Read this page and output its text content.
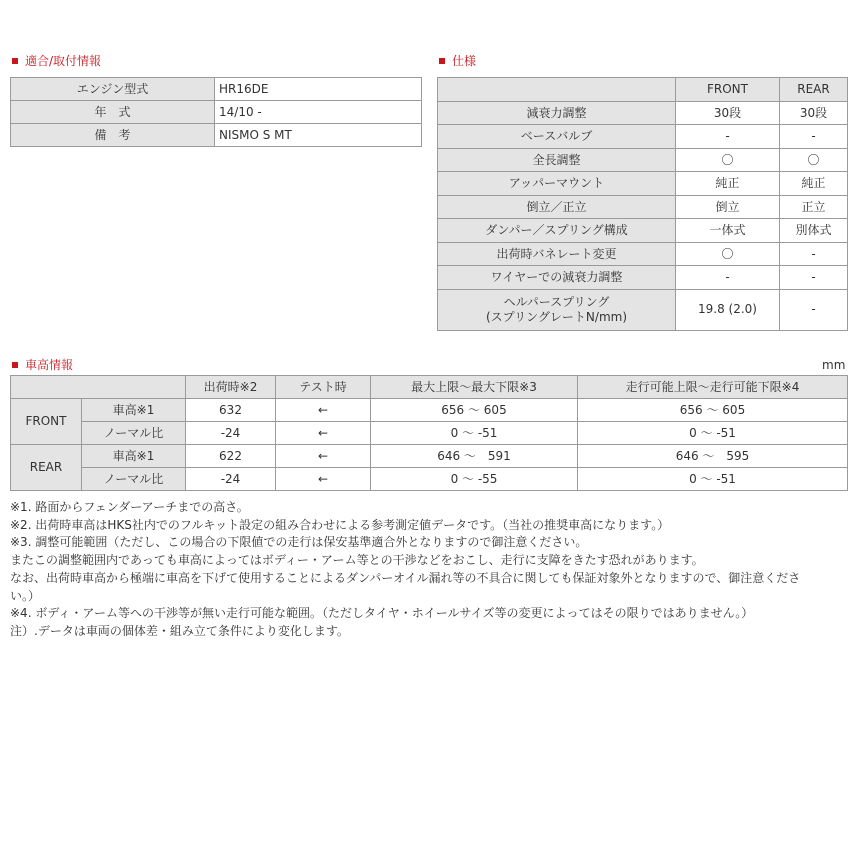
適合/取付情報
エンジン型式	HR16DE
年　式	14/10 -
備　考	NISMO S MT
仕様
	FRONT	REAR
減衰力調整	30段	30段
ベースバルブ	-	-
全長調整	〇	〇
アッパーマウント	純正	純正
倒立／正立	倒立	正立
ダンパー／スプリング構成	一体式	別体式
出荷時バネレート変更	〇	-
ワイヤーでの減衰力調整	-	-

ヘルパースプリング
(スプリングレートN/mm)	19.8 (2.0)	-
車高情報	mm
		出荷時※2	テスト時	最大上限～最大下限※3	走行可能上限～走行可能下限※4
FRONT	車高※1	632	←	656 ～ 605	656 ～ 605
	ノーマル比	-24	←	0 ～ -51	0 ～ -51
REAR	車高※1	622	←	646 ～　591	646 ～　595
	ノーマル比	-24	←	0 ～ -55	0 ～ -51
※1. 路面からフェンダーアーチまでの高さ。
※2. 出荷時車高はHKS社内でのフルキット設定の組み合わせによる参考測定値データです。（当社の推奨車高になります。）
※3. 調整可能範囲（ただし、この場合の下限値での走行は保安基準適合外となりますので御注意ください。
またこの調整範囲内であっても車高によってはボディー・アーム等との干渉などをおこし、走行に支障をきたす恐れがあります。
なお、出荷時車高から極端に車高を下げて使用することによるダンパーオイル漏れ等の不具合に関しても保証対象外となりますので、御注意くださ
い。）
※4. ボディ・アーム等への干渉等が無い走行可能な範囲。（ただしタイヤ・ホイールサイズ等の変更によってはその限りではありません。）
注）.データは車両の個体差・組み立て条件により変化します。
